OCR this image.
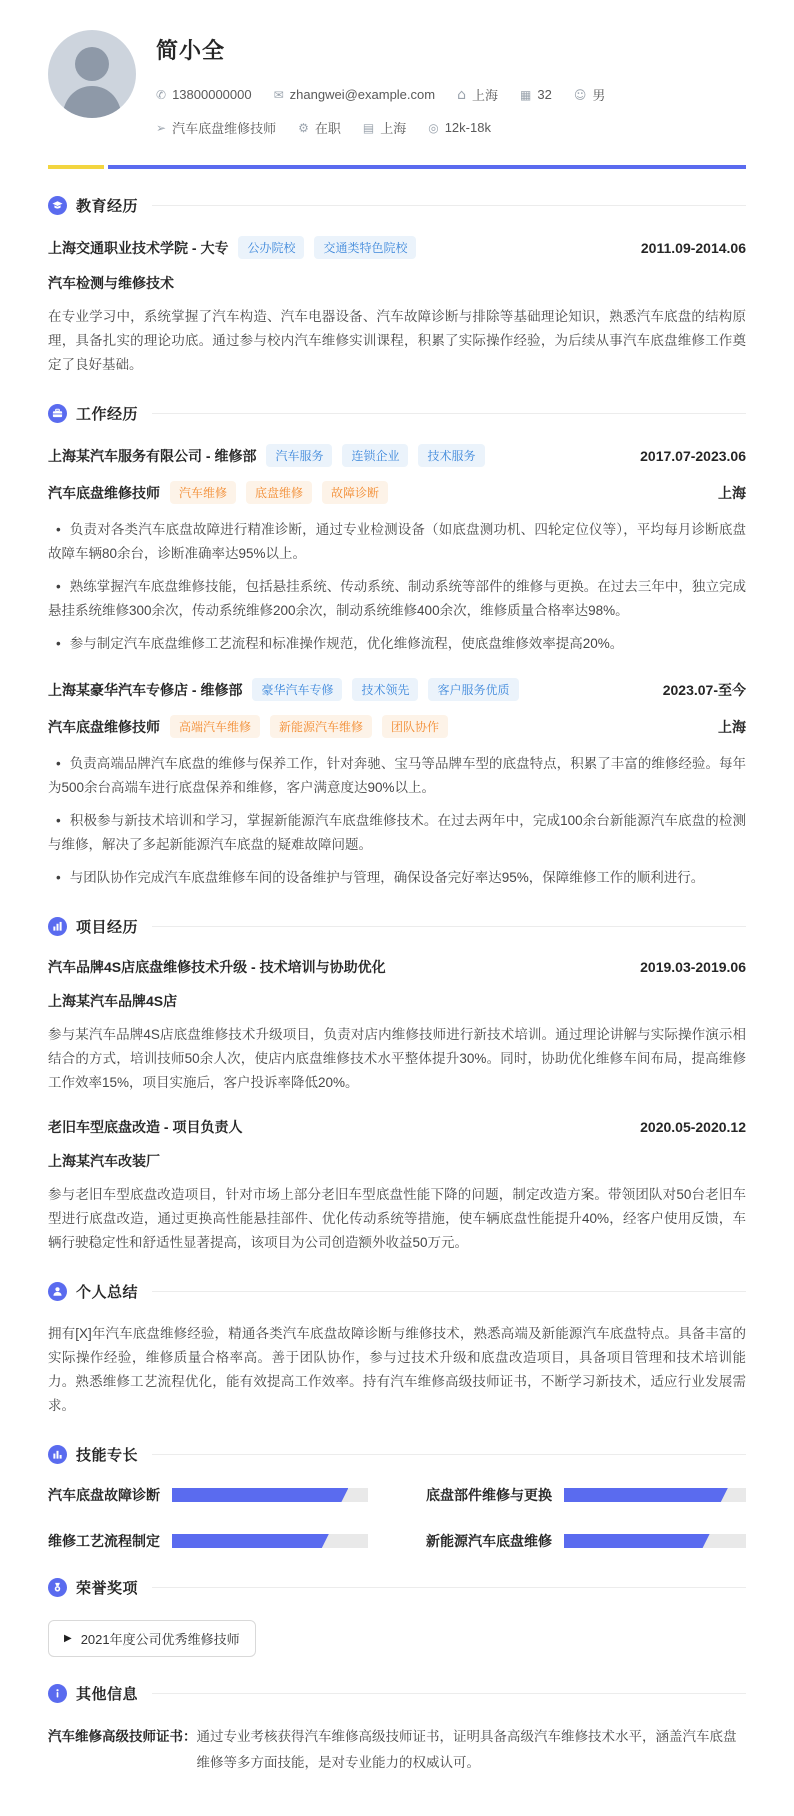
简小全
✆
13800000000 ✉	zhangwei@example.com ⌂	上海 ▦	32 ☺	男
➢
汽车底盘维修技师 ⚙	在职 ▤	上海 ◎	12k-18k
教育经历
上海交通职业技术学院 - 大专	公办院校	交通类特色院校	2011.09-2014.06
汽车检测与维修技术

在专业学习中，系统掌握了汽车构造、汽车电器设备、汽车故障诊断与排除等基础理论知识，熟悉汽车底盘的结构原理，具备扎实的理论功底。通过参与校内汽车维修实训课程，积累了实际操作经验，为后续从事汽车底盘维修工作奠定了良好基础。

工作经历
上海某汽车服务有限公司 - 维修部	汽车服务	连锁企业	技术服务	2017.07-2023.06
汽车底盘维修技师	汽车维修	底盘维修	故障诊断	上海

• 负责对各类汽车底盘故障进行精准诊断，通过专业检测设备（如底盘测功机、四轮定位仪等），平均每月诊断底盘故障车辆80余台，诊断准确率达95%以上。

• 熟练掌握汽车底盘维修技能，包括悬挂系统、传动系统、制动系统等部件的维修与更换。在过去三年中，独立完成悬挂系统维修300余次，传动系统维修200余次，制动系统维修400余次，维修质量合格率达98%。

• 参与制定汽车底盘维修工艺流程和标准操作规范，优化维修流程，使底盘维修效率提高20%。

上海某豪华汽车专修店 - 维修部	豪华汽车专修	技术领先	客户服务优质	2023.07-至今
汽车底盘维修技师	高端汽车维修	新能源汽车维修	团队协作	上海

• 负责高端品牌汽车底盘的维修与保养工作，针对奔驰、宝马等品牌车型的底盘特点，积累了丰富的维修经验。每年为500余台高端车进行底盘保养和维修，客户满意度达90%以上。

• 积极参与新技术培训和学习，掌握新能源汽车底盘维修技术。在过去两年中，完成100余台新能源汽车底盘的检测与维修，解决了多起新能源汽车底盘的疑难故障问题。

• 与团队协作完成汽车底盘维修车间的设备维护与管理，确保设备完好率达95%，保障维修工作的顺利进行。

项目经历
汽车品牌4S店底盘维修技术升级 - 技术培训与协助优化	2019.03-2019.06
上海某汽车品牌4S店

参与某汽车品牌4S店底盘维修技术升级项目，负责对店内维修技师进行新技术培训。通过理论讲解与实际操作演示相结合的方式，培训技师50余人次，使店内底盘维修技术水平整体提升30%。同时，协助优化维修车间布局，提高维修工作效率15%，项目实施后，客户投诉率降低20%。

老旧车型底盘改造 - 项目负责人	2020.05-2020.12
上海某汽车改装厂

参与老旧车型底盘改造项目，针对市场上部分老旧车型底盘性能下降的问题，制定改造方案。带领团队对50台老旧车型进行底盘改造，通过更换高性能悬挂部件、优化传动系统等措施，使车辆底盘性能提升40%，经客户使用反馈，车辆行驶稳定性和舒适性显著提高，该项目为公司创造额外收益50万元。

个人总结

拥有[X]年汽车底盘维修经验，精通各类汽车底盘故障诊断与维修技术，熟悉高端及新能源汽车底盘特点。具备丰富的实际操作经验，维修质量合格率高。善于团队协作，参与过技术升级和底盘改造项目，具备项目管理和技术培训能力。熟悉维修工艺流程优化，能有效提高工作效率。持有汽车维修高级技师证书，不断学习新技术，适应行业发展需求。

技能专长
汽车底盘故障诊断	底盘部件维修与更换
维修工艺流程制定	新能源汽车底盘维修
荣誉奖项
▶
2021年度公司优秀维修技师
其他信息
汽车维修高级技师证书： 通过专业考核获得汽车维修高级技师证书，证明具备高级汽车维修技术水平，涵盖汽车底盘维修等多方面技能，是对专业能力的权威认可。
